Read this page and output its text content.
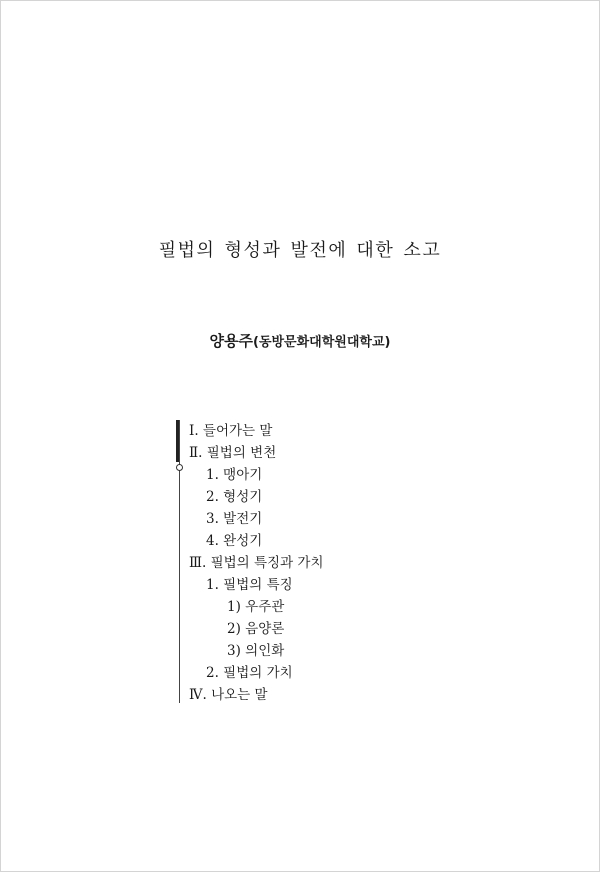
필법의 형성과 발전에 대한 소고
양용주(동방문화대학원대학교)
Ⅰ. 들어가는 말
Ⅱ. 필법의 변천
1. 맹아기
2. 형성기
3. 발전기
4. 완성기
Ⅲ. 필법의 특징과 가치
1. 필법의 특징
1) 우주관
2) 음양론
3) 의인화
2. 필법의 가치
Ⅳ. 나오는 말
